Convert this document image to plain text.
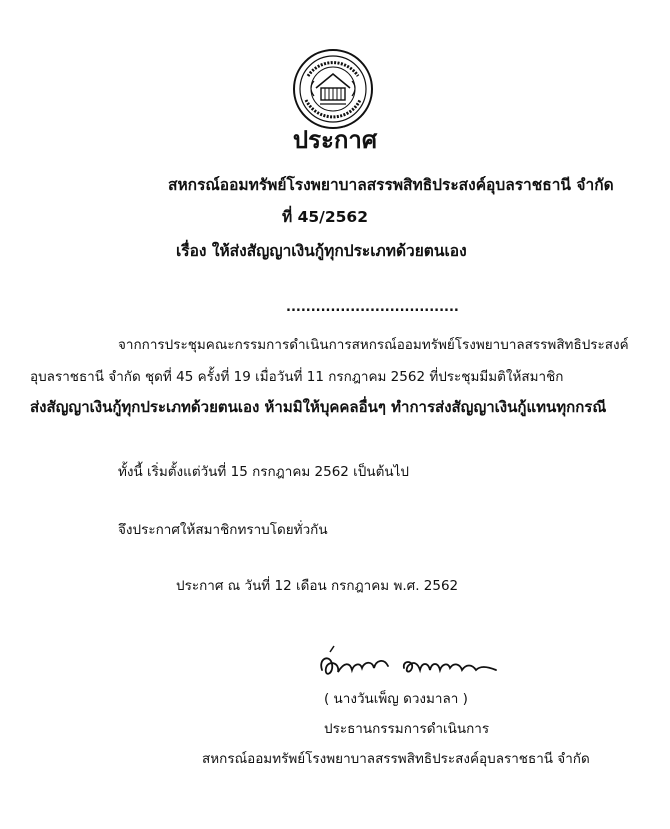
ประกาศ
สหกรณ์ออมทรัพย์โรงพยาบาลสรรพสิทธิประสงค์อุบลราชธานี จำกัด
ที่ 45/2562
เรื่อง ให้ส่งสัญญาเงินกู้ทุกประเภทด้วยตนเอง
...................................
จากการประชุมคณะกรรมการดำเนินการสหกรณ์ออมทรัพย์โรงพยาบาลสรรพสิทธิประสงค์
อุบลราชธานี จำกัด ชุดที่ 45 ครั้งที่ 19 เมื่อวันที่ 11 กรกฎาคม 2562 ที่ประชุมมีมติให้สมาชิก
ส่งสัญญาเงินกู้ทุกประเภทด้วยตนเอง ห้ามมิให้บุคคลอื่นๆ ทำการส่งสัญญาเงินกู้แทนทุกกรณี
ทั้งนี้ เริ่มตั้งแต่วันที่ 15 กรกฎาคม 2562 เป็นต้นไป
จึงประกาศให้สมาชิกทราบโดยทั่วกัน
ประกาศ ณ วันที่ 12 เดือน กรกฎาคม พ.ศ. 2562
( นางวันเพ็ญ ดวงมาลา )
ประธานกรรมการดำเนินการ
สหกรณ์ออมทรัพย์โรงพยาบาลสรรพสิทธิประสงค์อุบลราชธานี จำกัด
